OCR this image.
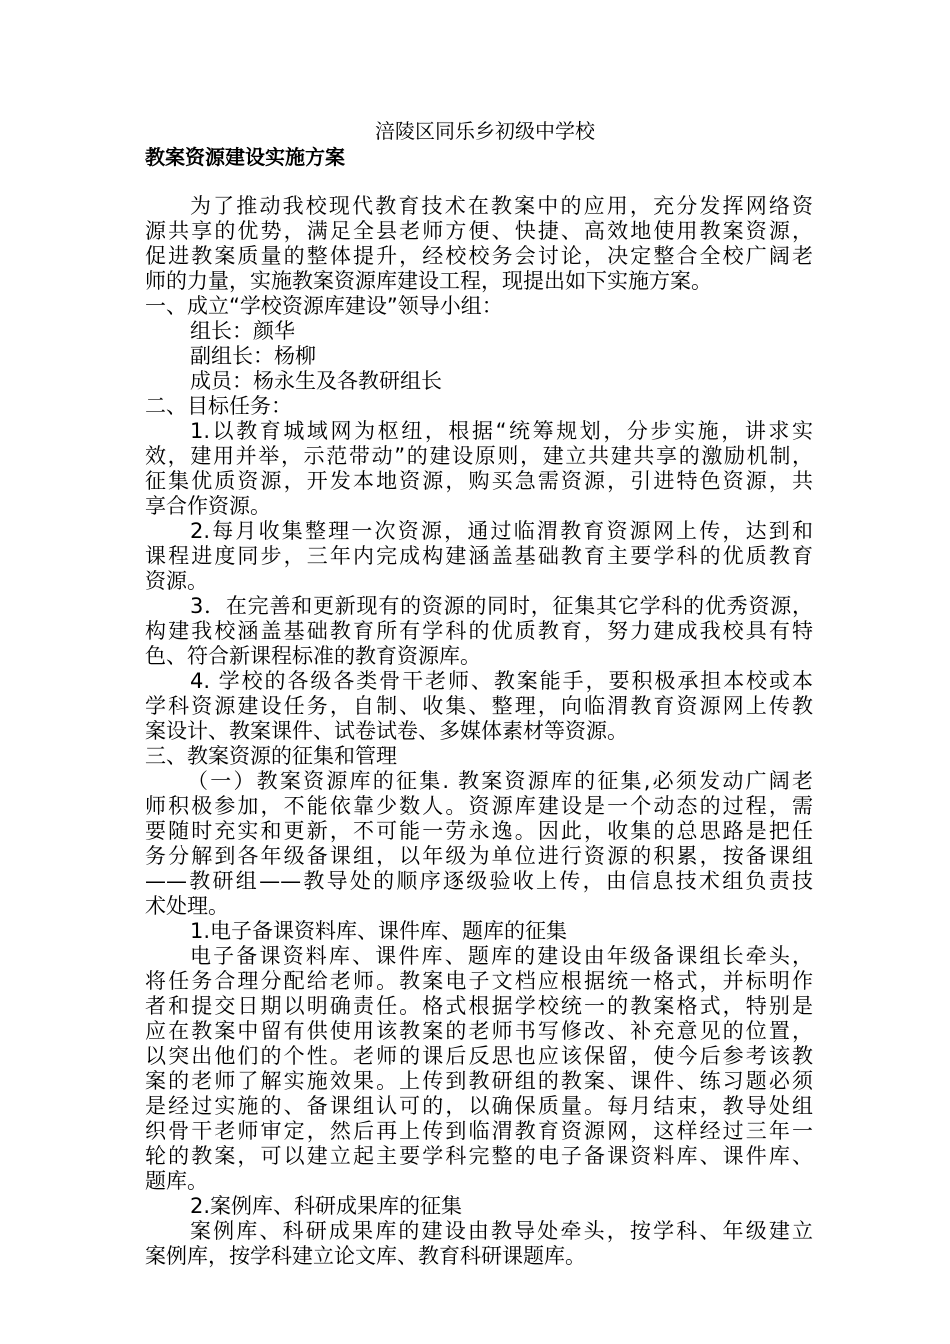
涪陵区同乐乡初级中学校

教案资源建设实施方案

为了推动我校现代教育技术在教案中的应用，充分发挥网络资

源共享的优势，满足全县老师方便、快捷、高效地使用教案资源，

促进教案质量的整体提升，经校校务会讨论，决定整合全校广阔老

师的力量，实施教案资源库建设工程，现提出如下实施方案。

一、成立“学校资源库建设”领导小组：

组长：颜华

副组长：杨柳

成员：杨永生及各教研组长

二、目标任务：

1.以教育城域网为枢纽，根据“统筹规划，分步实施，讲求实

效，建用并举，示范带动”的建设原则，建立共建共享的激励机制，

征集优质资源，开发本地资源，购买急需资源，引进特色资源，共

享合作资源。

2.每月收集整理一次资源，通过临渭教育资源网上传，达到和

课程进度同步，三年内完成构建涵盖基础教育主要学科的优质教育

资源。

3．在完善和更新现有的资源的同时，征集其它学科的优秀资源，

构建我校涵盖基础教育所有学科的优质教育，努力建成我校具有特

色、符合新课程标准的教育资源库。

4. 学校的各级各类骨干老师、教案能手，要积极承担本校或本

学科资源建设任务，自制、收集、整理，向临渭教育资源网上传教

案设计、教案课件、试卷试卷、多媒体素材等资源。

三、教案资源的征集和管理

（一）教案资源库的征集. 教案资源库的征集,必须发动广阔老

师积极参加，不能依靠少数人。资源库建设是一个动态的过程，需

要随时充实和更新，不可能一劳永逸。因此，收集的总思路是把任

务分解到各年级备课组，以年级为单位进行资源的积累，按备课组

——教研组——教导处的顺序逐级验收上传，由信息技术组负责技

术处理。

1.电子备课资料库、课件库、题库的征集

电子备课资料库、课件库、题库的建设由年级备课组长牵头，

将任务合理分配给老师。教案电子文档应根据统一格式，并标明作

者和提交日期以明确责任。格式根据学校统一的教案格式，特别是

应在教案中留有供使用该教案的老师书写修改、补充意见的位置，

以突出他们的个性。老师的课后反思也应该保留，使今后参考该教

案的老师了解实施效果。上传到教研组的教案、课件、练习题必须

是经过实施的、备课组认可的，以确保质量。每月结束，教导处组

织骨干老师审定，然后再上传到临渭教育资源网，这样经过三年一

轮的教案，可以建立起主要学科完整的电子备课资料库、课件库、

题库。

2.案例库、科研成果库的征集

案例库、科研成果库的建设由教导处牵头，按学科、年级建立

案例库，按学科建立论文库、教育科研课题库。
